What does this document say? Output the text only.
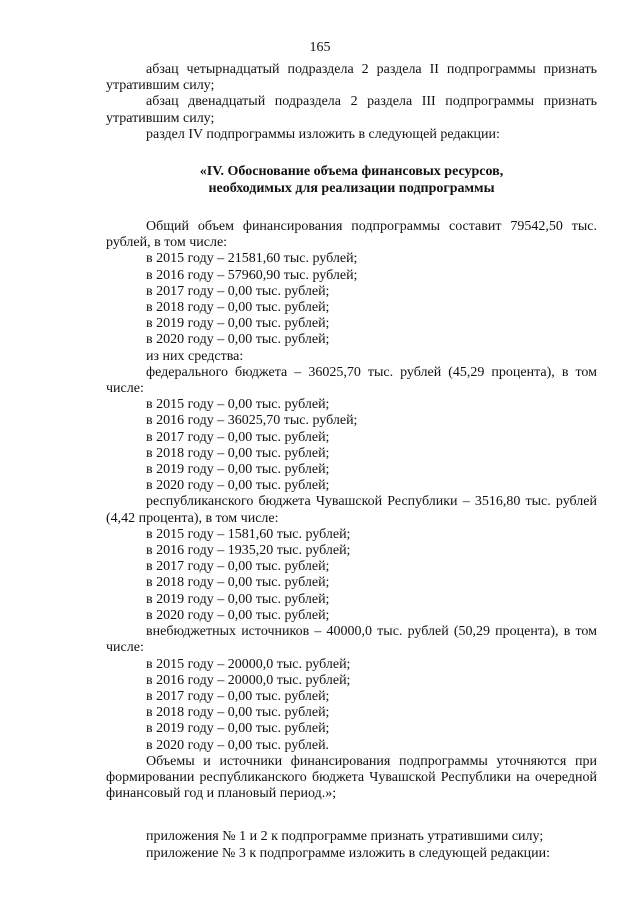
165

абзац четырнадцатый подраздела 2 раздела II подпрограммы признать утратившим силу;

абзац двенадцатый подраздела 2 раздела III подпрограммы признать утратившим силу;

раздел IV подпрограммы изложить в следующей редакции:

«IV. Обоснование объема финансовых ресурсов,
необходимых для реализации подпрограммы

Общий объем финансирования подпрограммы составит 79542,50 тыс. рублей, в том числе:

в 2015 году – 21581,60 тыс. рублей;

в 2016 году – 57960,90 тыс. рублей;

в 2017 году – 0,00 тыс. рублей;

в 2018 году – 0,00 тыс. рублей;

в 2019 году – 0,00 тыс. рублей;

в 2020 году – 0,00 тыс. рублей;

из них средства:

федерального бюджета – 36025,70 тыс. рублей (45,29 процента), в том числе:

в 2015 году – 0,00 тыс. рублей;

в 2016 году – 36025,70 тыс. рублей;

в 2017 году – 0,00 тыс. рублей;

в 2018 году – 0,00 тыс. рублей;

в 2019 году – 0,00 тыс. рублей;

в 2020 году – 0,00 тыс. рублей;

республиканского бюджета Чувашской Республики – 3516,80 тыс. рублей (4,42 процента), в том числе:

в 2015 году – 1581,60 тыс. рублей;

в 2016 году – 1935,20 тыс. рублей;

в 2017 году – 0,00 тыс. рублей;

в 2018 году – 0,00 тыс. рублей;

в 2019 году – 0,00 тыс. рублей;

в 2020 году – 0,00 тыс. рублей;

внебюджетных источников – 40000,0 тыс. рублей (50,29 процента), в том числе:

в 2015 году – 20000,0 тыс. рублей;

в 2016 году – 20000,0 тыс. рублей;

в 2017 году – 0,00 тыс. рублей;

в 2018 году – 0,00 тыс. рублей;

в 2019 году – 0,00 тыс. рублей;

в 2020 году – 0,00 тыс. рублей.

Объемы и источники финансирования подпрограммы уточняются при формировании республиканского бюджета Чувашской Республики на очередной финансовый год и плановый период.»;

приложения № 1 и 2 к подпрограмме признать утратившими силу;

приложение № 3 к подпрограмме изложить в следующей редакции:
